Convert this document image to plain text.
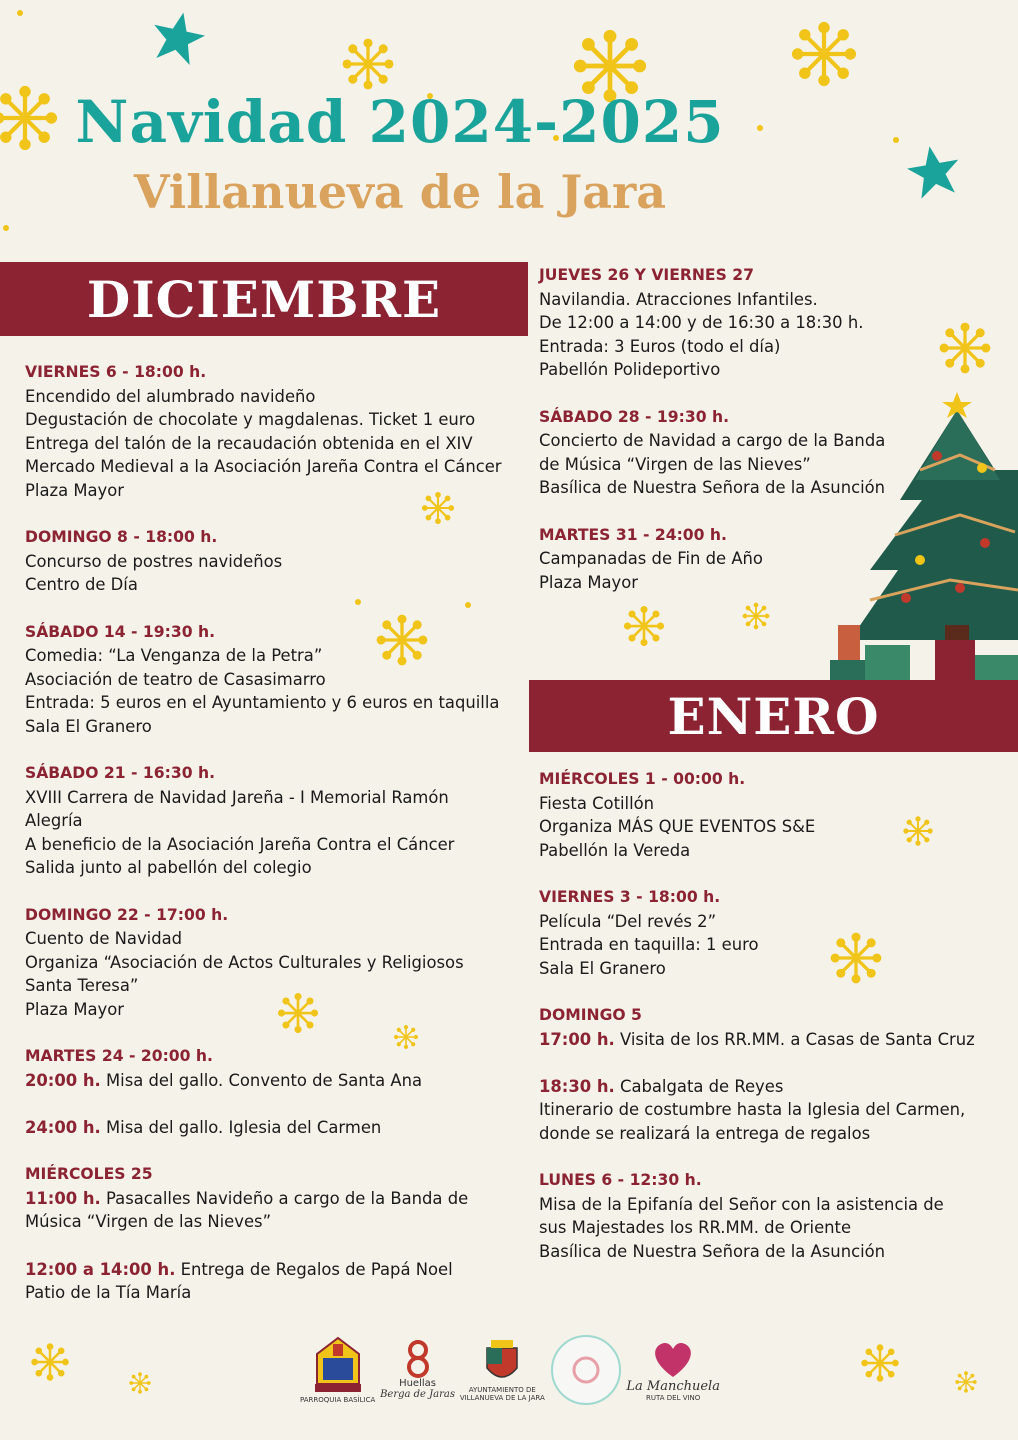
Navidad 2024-2025
Villanueva de la Jara
DICIEMBRE
ENERO
VIERNES 6 - 18:00 h.
Encendido del alumbrado navideño
Degustación de chocolate y magdalenas. Ticket 1 euro
Entrega del talón de la recaudación obtenida en el XIV
Mercado Medieval a la Asociación Jareña Contra el Cáncer
Plaza Mayor
DOMINGO 8 - 18:00 h.
Concurso de postres navideños
Centro de Día
SÁBADO 14 - 19:30 h.
Comedia: “La Venganza de la Petra”
Asociación de teatro de Casasimarro
Entrada: 5 euros en el Ayuntamiento y 6 euros en taquilla
Sala El Granero
SÁBADO 21 - 16:30 h.
XVIII Carrera de Navidad Jareña - I Memorial Ramón
Alegría
A beneficio de la Asociación Jareña Contra el Cáncer
Salida junto al pabellón del colegio
DOMINGO 22 - 17:00 h.
Cuento de Navidad
Organiza “Asociación de Actos Culturales y Religiosos
Santa Teresa”
Plaza Mayor
MARTES 24 - 20:00 h.
20:00 h. Misa del gallo. Convento de Santa Ana

24:00 h. Misa del gallo. Iglesia del Carmen
MIÉRCOLES 25
11:00 h. Pasacalles Navideño a cargo de la Banda de
Música “Virgen de las Nieves”

12:00 a 14:00 h. Entrega de Regalos de Papá Noel
Patio de la Tía María
JUEVES 26 Y VIERNES 27
Navilandia. Atracciones Infantiles.
De 12:00 a 14:00 y de 16:30 a 18:30 h.
Entrada: 3 Euros (todo el día)
Pabellón Polideportivo
SÁBADO 28 - 19:30 h.
Concierto de Navidad a cargo de la Banda
de Música “Virgen de las Nieves”
Basílica de Nuestra Señora de la Asunción
MARTES 31 - 24:00 h.
Campanadas de Fin de Año
Plaza Mayor
MIÉRCOLES 1 - 00:00 h.
Fiesta Cotillón
Organiza MÁS QUE EVENTOS S&E
Pabellón la Vereda
VIERNES 3 - 18:00 h.
Película “Del revés 2”
Entrada en taquilla: 1 euro
Sala El Granero
DOMINGO 5
17:00 h. Visita de los RR.MM. a Casas de Santa Cruz

18:30 h. Cabalgata de Reyes
Itinerario de costumbre hasta la Iglesia del Carmen,
donde se realizará la entrega de regalos
LUNES 6 - 12:30 h.
Misa de la Epifanía del Señor con la asistencia de
sus Majestades los RR.MM. de Oriente
Basílica de Nuestra Señora de la Asunción
PARROQUIA BASÍLICA
Huellas
Berga de Jaras AYUNTAMIENTO DE
VILLANUEVA DE LA JARA
La Manchuela
RUTA DEL VINO
